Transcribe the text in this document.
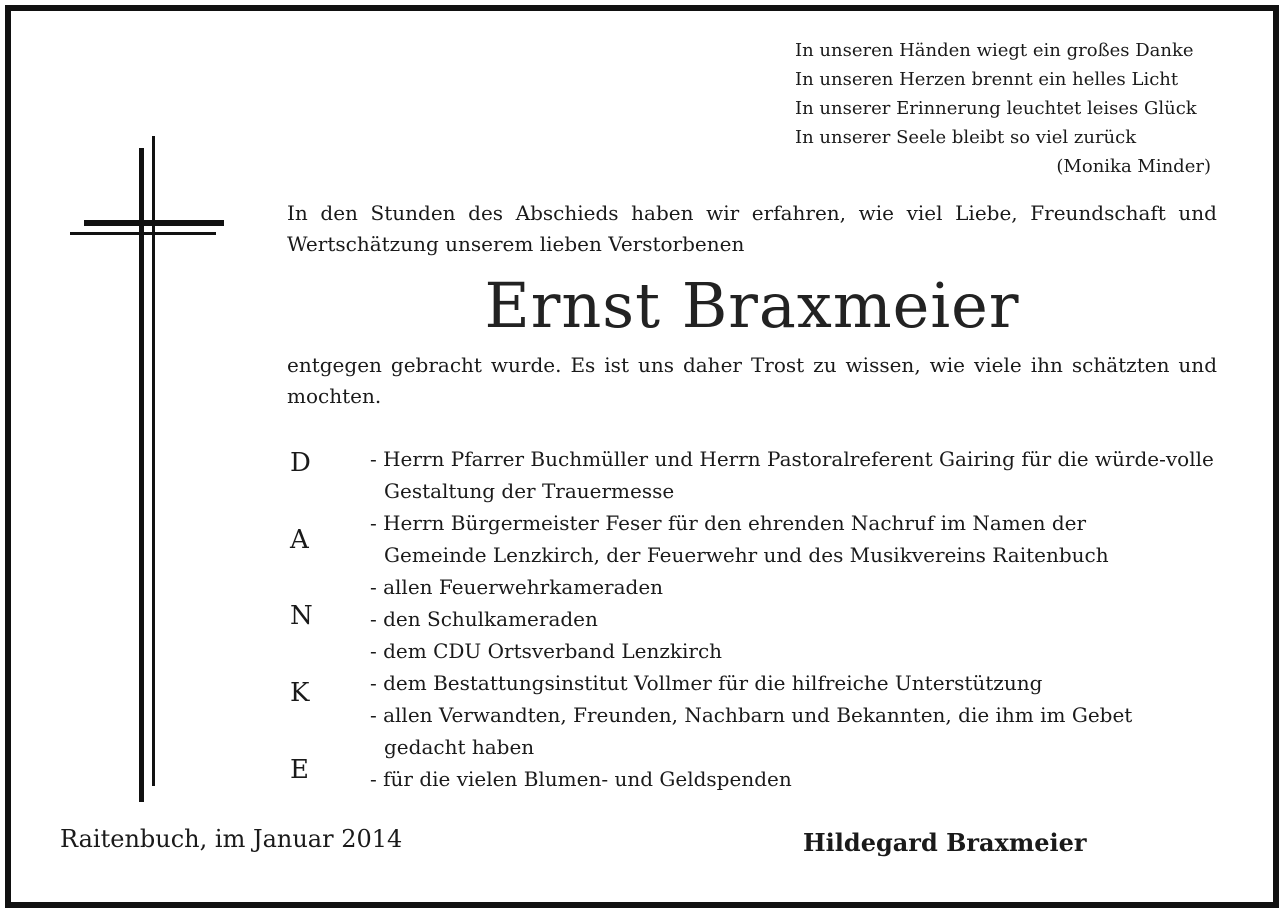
In unseren Händen wiegt ein großes Danke
In unseren Herzen brennt ein helles Licht
In unserer Erinnerung leuchtet leises Glück
In unserer Seele bleibt so viel zurück
(Monika Minder)
In den Stunden des Abschieds haben wir erfahren, wie viel Liebe, Freundschaft und Wertschätzung unserem lieben Verstorbenen
Ernst Braxmeier
entgegen gebracht wurde. Es ist uns daher Trost zu wissen, wie viele ihn schätzten und mochten.
D
A
N
K
E
- Herrn Pfarrer Buchmüller und Herrn Pastoralreferent Gairing für die würde-volle Gestaltung der Trauermesse
- Herrn Bürgermeister Feser für den ehrenden Nachruf im Namen der Gemeinde Lenzkirch, der Feuerwehr und des Musikvereins Raitenbuch
- allen Feuerwehrkameraden
- den Schulkameraden
- dem CDU Ortsverband Lenzkirch
- dem Bestattungsinstitut Vollmer für die hilfreiche Unterstützung
- allen Verwandten, Freunden, Nachbarn und Bekannten, die ihm im Gebet gedacht haben
- für die vielen Blumen- und Geldspenden
Raitenbuch, im Januar 2014	Hildegard Braxmeier
